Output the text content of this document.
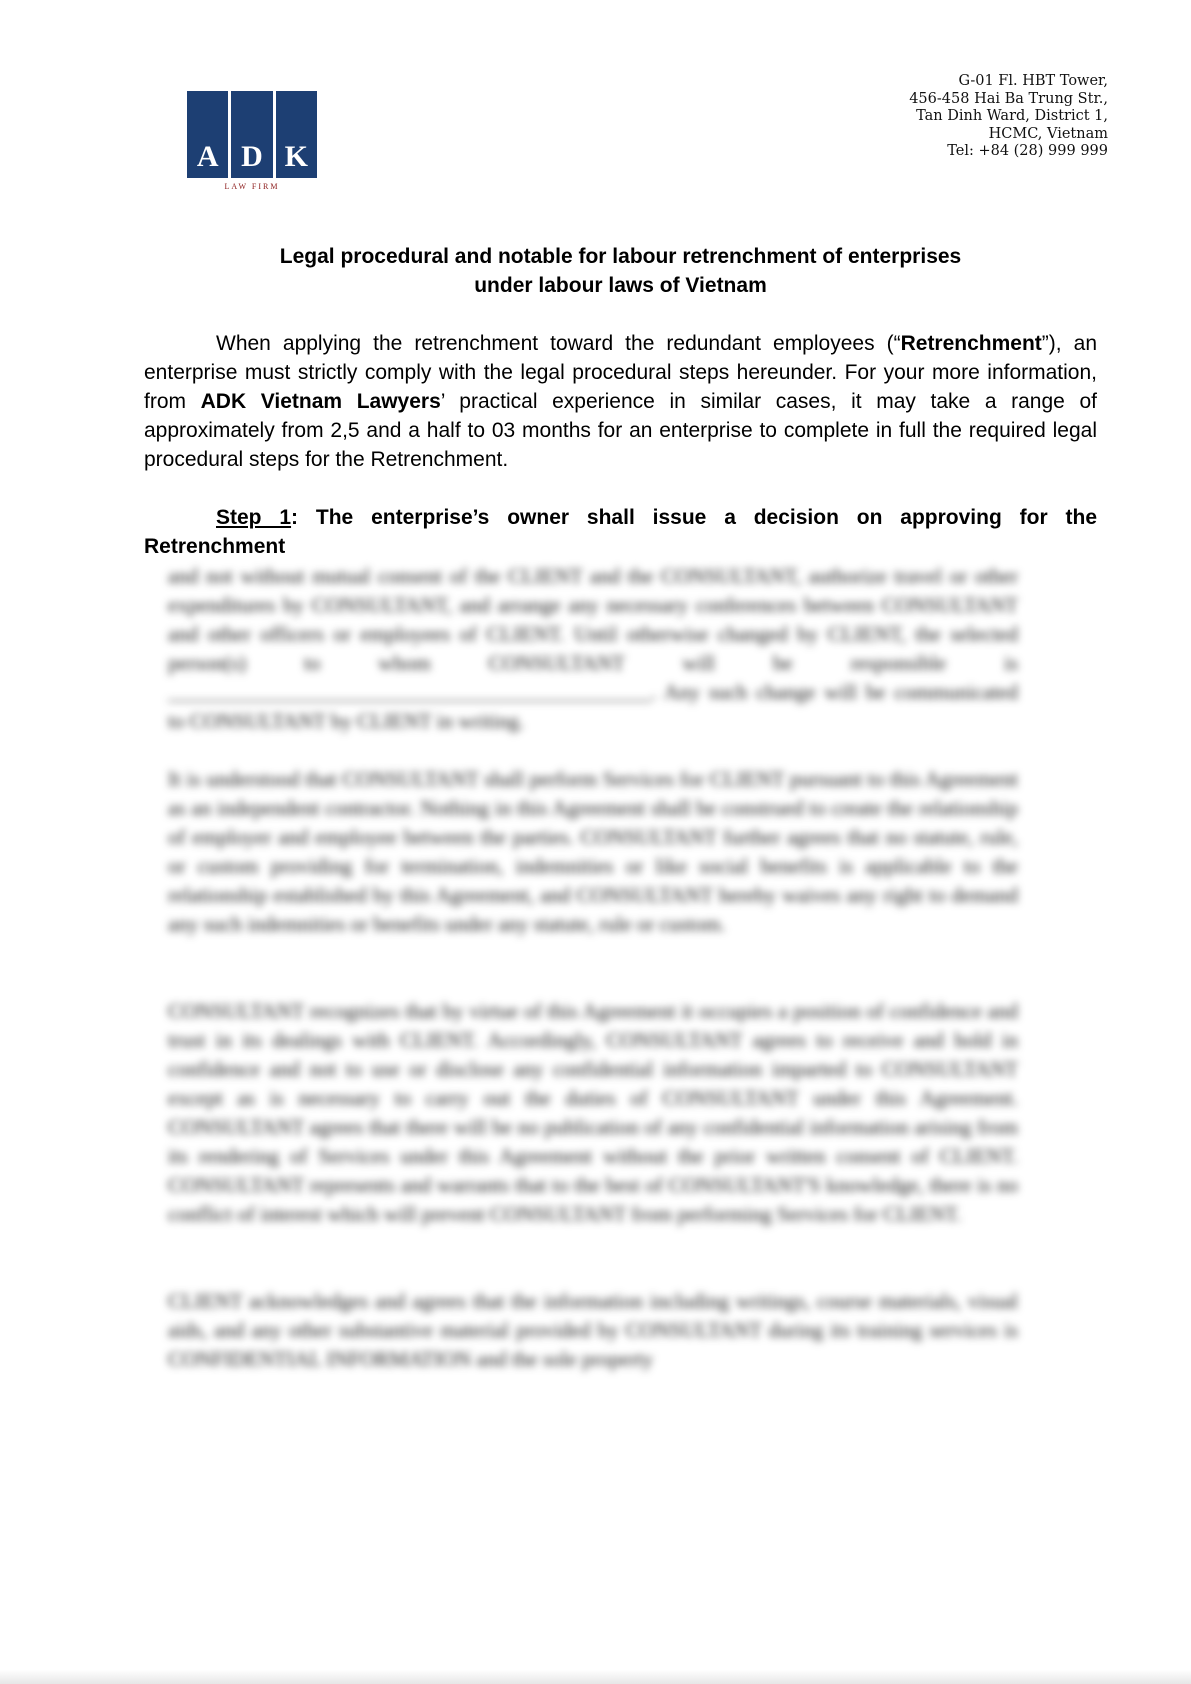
A D K
LAW FIRM
G-01 Fl. HBT Tower,
456-458 Hai Ba Trung Str.,
Tan Dinh Ward, District 1,
HCMC, Vietnam
Tel: +84 (28) 999 999
Legal procedural and notable for labour retrenchment of enterprises
under labour laws of Vietnam
When applying the retrenchment toward the redundant employees (“Retrenchment”), an enterprise must strictly comply with the legal procedural steps hereunder. For your more information, from ADK Vietnam Lawyers’ practical experience in similar cases, it may take a range of approximately from 2,5 and a half to 03 months for an enterprise to complete in full the required legal procedural steps for the Retrenchment.
Step 1: The enterprise’s owner shall issue a decision on approving for the Retrenchment

and not without mutual consent of the CLIENT and the CONSULTANT, authorize travel or other expenditures by CONSULTANT, and arrange any necessary conferences between CONSULTANT and other officers or employees of CLIENT. Until otherwise changed by CLIENT, the selected person(s) to whom CONSULTANT will be responsible is ______________________________________________. Any such change will be communicated to CONSULTANT by CLIENT in writing.

It is understood that CONSULTANT shall perform Services for CLIENT pursuant to this Agreement as an independent contractor. Nothing in this Agreement shall be construed to create the relationship of employer and employee between the parties. CONSULTANT further agrees that no statute, rule, or custom providing for termination, indemnities or like social benefits is applicable to the relationship established by this Agreement, and CONSULTANT hereby waives any right to demand any such indemnities or benefits under any statute, rule or custom.

CONSULTANT recognizes that by virtue of this Agreement it occupies a position of confidence and trust in its dealings with CLIENT. Accordingly, CONSULTANT agrees to receive and hold in confidence and not to use or disclose any confidential information imparted to CONSULTANT except as is necessary to carry out the duties of CONSULTANT under this Agreement. CONSULTANT agrees that there will be no publication of any confidential information arising from its rendering of Services under this Agreement without the prior written consent of CLIENT. CONSULTANT represents and warrants that to the best of CONSULTANT'S knowledge, there is no conflict of interest which will prevent CONSULTANT from performing Services for CLIENT.

CLIENT acknowledges and agrees that the information including writings, course materials, visual aids, and any other substantive material provided by CONSULTANT during its training services is CONFIDENTIAL INFORMATION and the sole property
